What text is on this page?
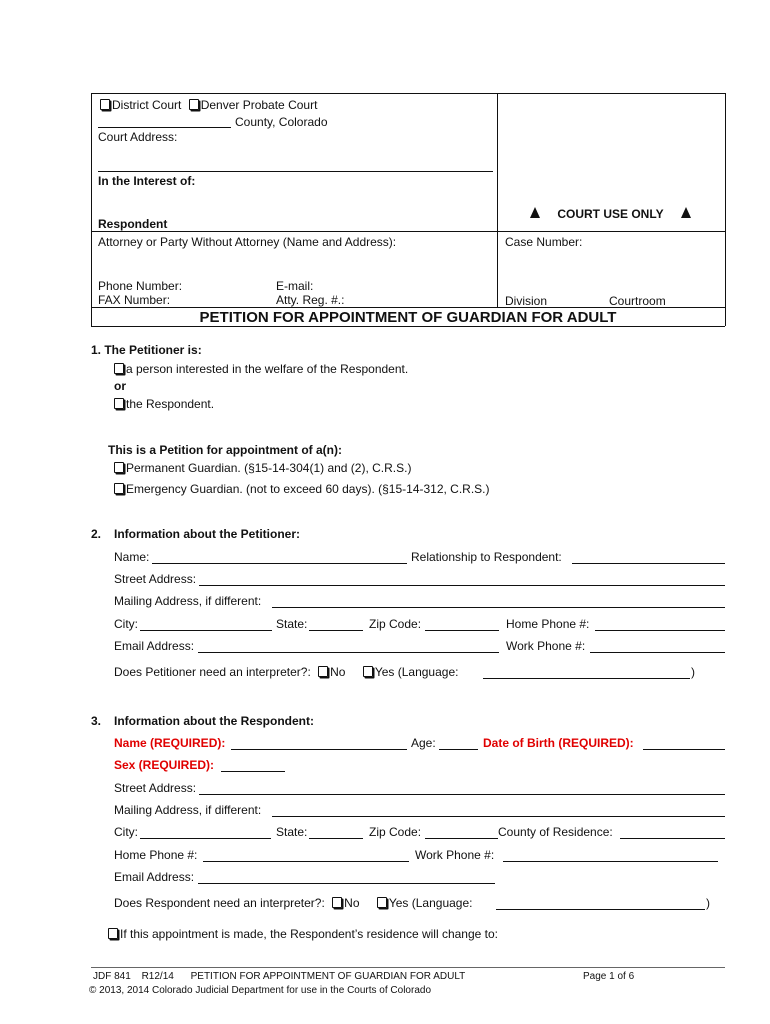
District Court Denver Probate Court
County, Colorado
Court Address:
In the Interest of:
Respondent
Attorney or Party Without Attorney (Name and Address):
Phone Number:	E-mail:
FAX Number:	Atty. Reg. #.:
COURT USE ONLY
Case Number:
Division	Courtroom
PETITION FOR APPOINTMENT OF GUARDIAN FOR ADULT
1. The Petitioner is:
a person interested in the welfare of the Respondent.
or
the Respondent.
This is a Petition for appointment of a(n):
Permanent Guardian. (§15-14-304(1) and (2), C.R.S.)
Emergency Guardian. (not to exceed 60 days). (§15-14-312, C.R.S.)
2. Information about the Petitioner:
Name:	Relationship to Respondent:
Street Address:
Mailing Address, if different:
City:	State:	Zip Code:	Home Phone #:
Email Address:	Work Phone #:
Does Petitioner need an interpreter?: No Yes (Language:	)
3. Information about the Respondent:
Name (REQUIRED):	Age:	Date of Birth (REQUIRED):
Sex (REQUIRED):
Street Address:
Mailing Address, if different:
City:	State:	Zip Code:	County of Residence:
Home Phone #:	Work Phone #:
Email Address:
Does Respondent need an interpreter?: No Yes (Language:	)
If this appointment is made, the Respondent’s residence will change to:
JDF 841 R12/14 PETITION FOR APPOINTMENT OF GUARDIAN FOR ADULT	Page 1 of 6
© 2013, 2014 Colorado Judicial Department for use in the Courts of Colorado
